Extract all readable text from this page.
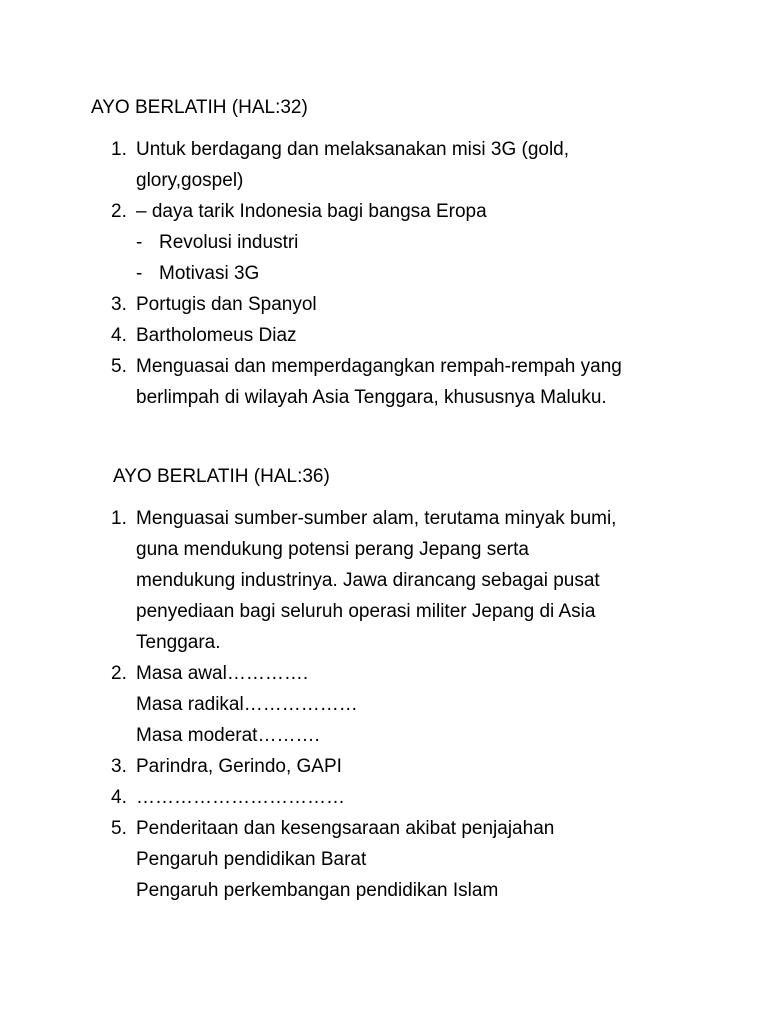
AYO BERLATIH (HAL:32)
1. Untuk berdagang dan melaksanakan misi 3G (gold,
glory,gospel)
2. – daya tarik Indonesia bagi bangsa Eropa
- Revolusi industri
- Motivasi 3G
3. Portugis dan Spanyol
4. Bartholomeus Diaz
5. Menguasai dan memperdagangkan rempah-rempah yang
berlimpah di wilayah Asia Tenggara, khususnya Maluku.
AYO BERLATIH (HAL:36)
1. Menguasai sumber-sumber alam, terutama minyak bumi,
guna mendukung potensi perang Jepang serta
mendukung industrinya. Jawa dirancang sebagai pusat
penyediaan bagi seluruh operasi militer Jepang di Asia
Tenggara.
2. Masa awal………….
Masa radikal………………
Masa moderat……….
3. Parindra, Gerindo, GAPI
4. ……………………………
5. Penderitaan dan kesengsaraan akibat penjajahan
Pengaruh pendidikan Barat
Pengaruh perkembangan pendidikan Islam
